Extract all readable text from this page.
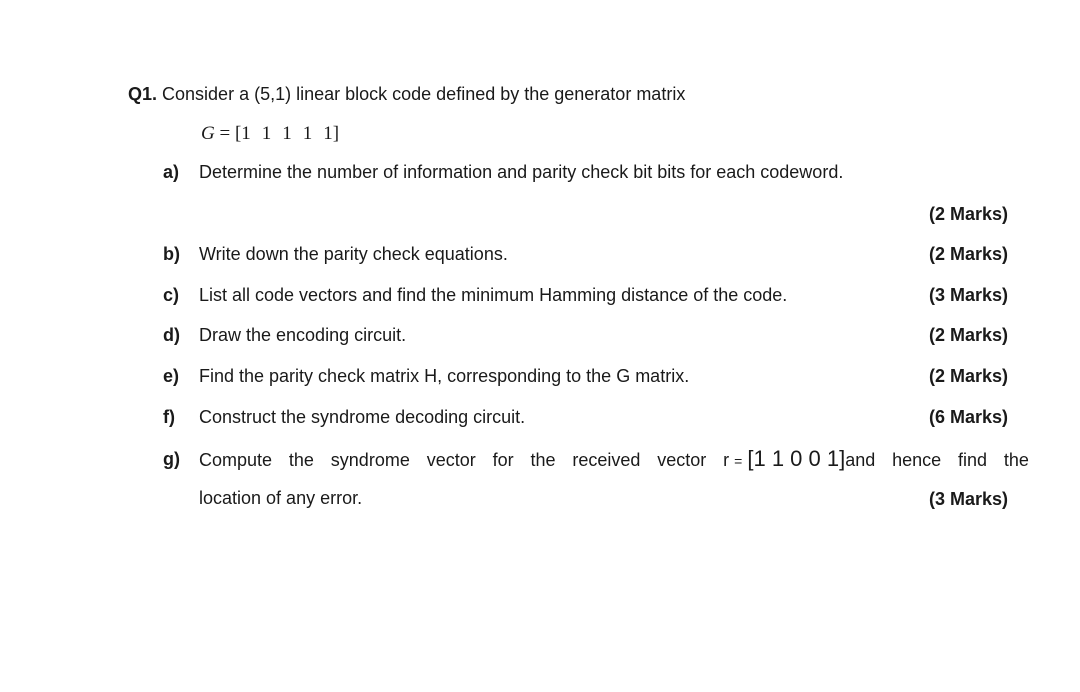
Q1. Consider a (5,1) linear block code defined by the generator matrix
G = [1 1 1 1 1]
a) Determine the number of information and parity check bit bits for each codeword.
(2 Marks)
b) Write down the parity check equations.	(2 Marks)
c) List all code vectors and find the minimum Hamming distance of the code.	(3 Marks)
d) Draw the encoding circuit.	(2 Marks)
e) Find the parity check matrix H, corresponding to the G matrix.	(2 Marks)
f) Construct the syndrome decoding circuit.	(6 Marks)
g) Compute the syndrome vector for the received vector r = [1 1 0 0 1]and hence find the
location of any error.	(3 Marks)
